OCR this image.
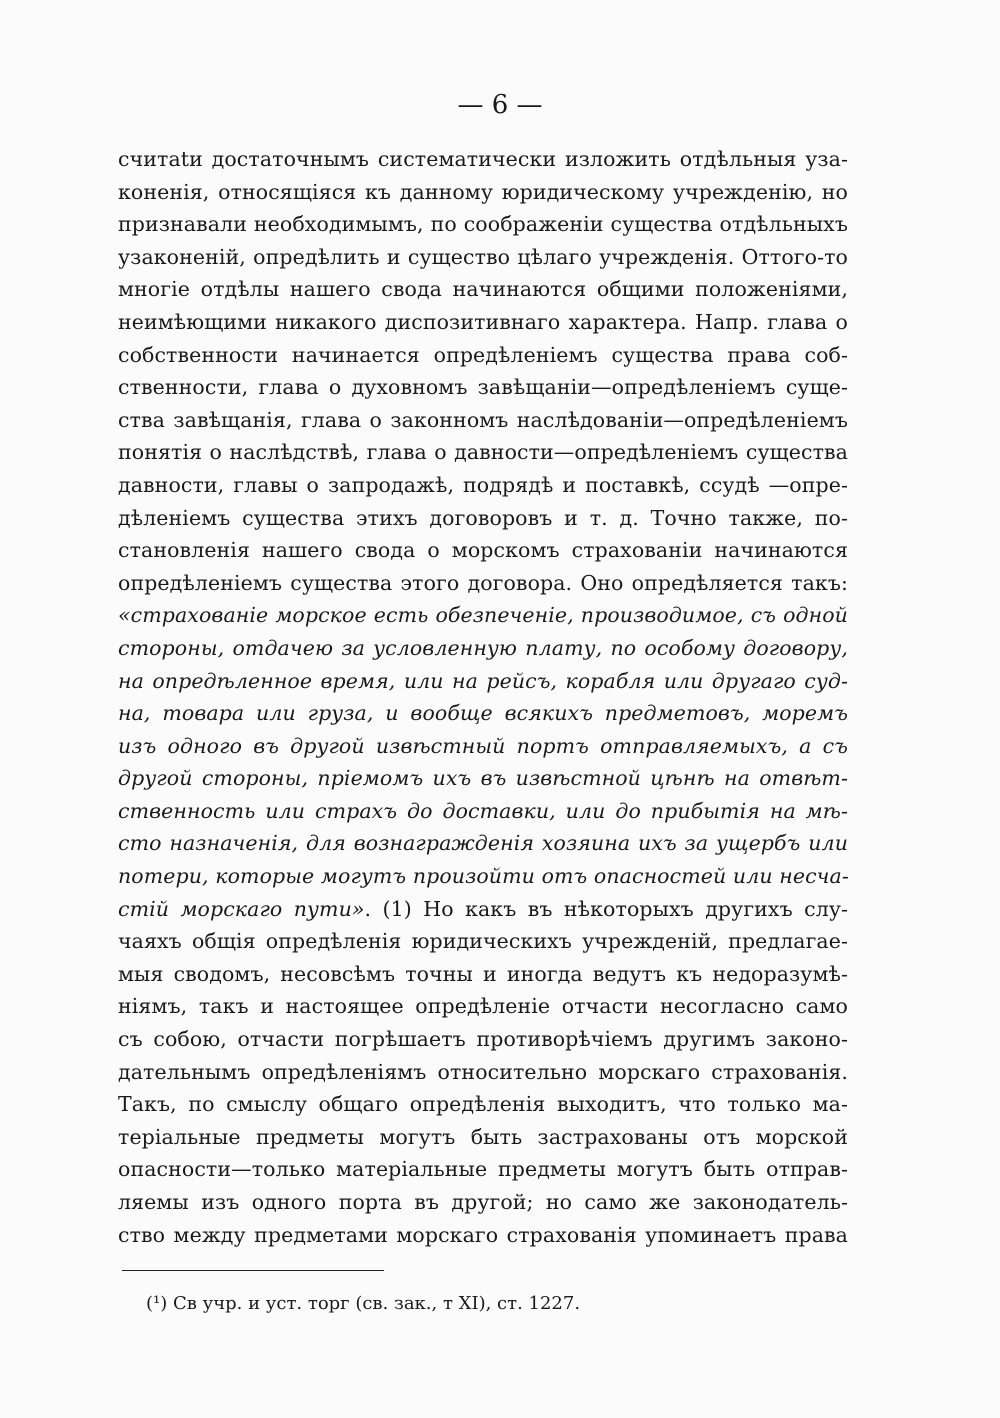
— 6 —
считаtи достаточнымъ систематически изложить отдѣльныя уза-
коненія, относящіяся къ данному юридическому учрежденію, но
признавали необходимымъ, по соображеніи существа отдѣльныхъ
узаконеній, опредѣлить и существо цѣлаго учрежденія. Оттого-то
многіе отдѣлы нашего свода начинаются общими положеніями,
неимѣющими никакого диспозитивнаго характера. Напр. глава о
собственности начинается опредѣленіемъ существа права соб-
ственности, глава о духовномъ завѣщаніи—опредѣленіемъ суще-
ства завѣщанія, глава о законномъ наслѣдованіи—опредѣленіемъ
понятія о наслѣдствѣ, глава о давности—опредѣленіемъ существа
давности, главы о запродажѣ, подрядѣ и поставкѣ, ссудѣ —опре-
дѣленіемъ существа этихъ договоровъ и т. д. Точно также, по-
становленія нашего свода о морскомъ страхованіи начинаются
опредѣленіемъ существа этого договора. Оно опредѣляется такъ:
«страхованіе морское есть обезпеченіе, производимое, съ одной
стороны, отдачею за условленную плату, по особому договору,
на опредѣленное время, или на рейсъ, корабля или другаго суд-
на, товара или груза, и вообще всякихъ предметовъ, моремъ
изъ одного въ другой извѣстный портъ отправляемыхъ, а съ
другой стороны, пріемомъ ихъ въ извѣстной цѣнѣ на отвѣт-
ственность или страхъ до доставки, или до прибытія на мѣ-
сто назначенія, для вознагражденія хозяина ихъ за ущербъ или
потери, которые могутъ произойти отъ опасностей или несча-
стій морскаго пути». (1) Но какъ въ нѣкоторыхъ другихъ слу-
чаяхъ общія опредѣленія юридическихъ учрежденій, предлагае-
мыя сводомъ, несовсѣмъ точны и иногда ведутъ къ недоразумѣ-
ніямъ, такъ и настоящее опредѣленіе отчасти несогласно само
съ собою, отчасти погрѣшаетъ противорѣчіемъ другимъ законо-
дательнымъ опредѣленіямъ относительно морскаго страхованія.
Такъ, по смыслу общаго опредѣленія выходитъ, что только ма-
теріальные предметы могутъ быть застрахованы отъ морской
опасности—только матеріальные предметы могутъ быть отправ-
ляемы изъ одного порта въ другой; но само же законодатель-
ство между предметами морскаго страхованія упоминаетъ права
(¹) Св учр. и уст. торг (св. зак., т XI), ст. 1227.
